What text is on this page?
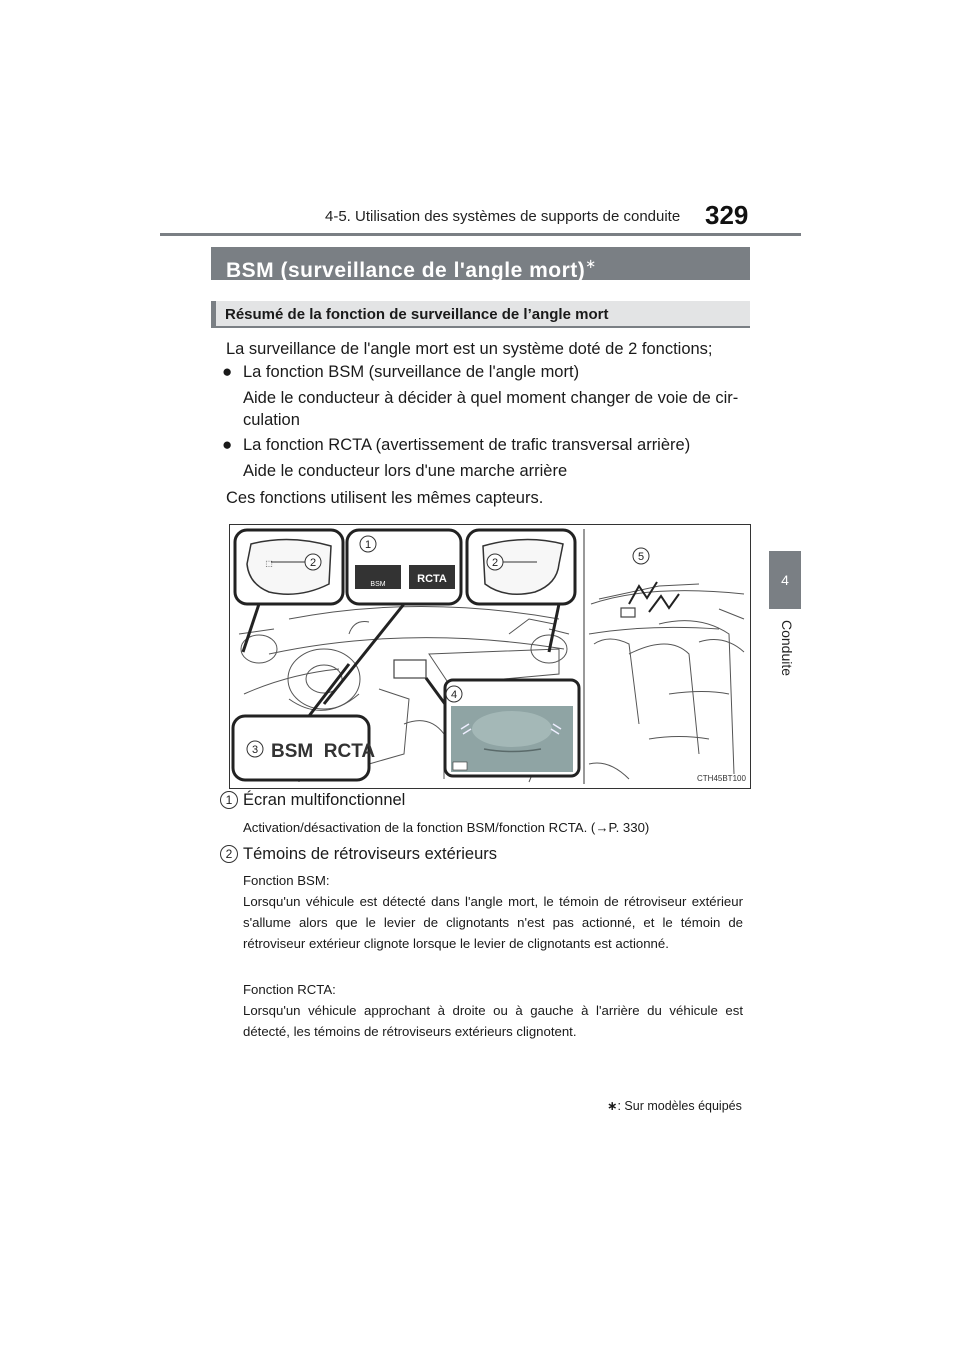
4-5. Utilisation des systèmes de supports de conduite 329
4
Conduite
BSM (surveillance de l'angle mort)∗
Résumé de la fonction de surveillance de l’angle mort
La surveillance de l'angle mort est un système doté de 2 fonctions;
● La fonction BSM (surveillance de l'angle mort)
Aide le conducteur à décider à quel moment changer de voie de cir-
culation
● La fonction RCTA (avertissement de trafic transversal arrière)
Aide le conducteur lors d'une marche arrière
Ces fonctions utilisent les mêmes capteurs.
⬚	2
1
BSM	RCTA
2
3 BSM  RCTA
4
5
CTH45BT100
1 Écran multifonctionnel
Activation/désactivation de la fonction BSM/fonction RCTA. (→P. 330)
2 Témoins de rétroviseurs extérieurs
Fonction BSM:
Lorsqu'un véhicule est détecté dans l'angle mort, le témoin de rétroviseur extérieur s'allume alors que le levier de clignotants n'est pas actionné, et le témoin de rétroviseur extérieur clignote lorsque le levier de clignotants est actionné.
Fonction RCTA:
Lorsqu'un véhicule approchant à droite ou à gauche à l'arrière du véhicule est détecté, les témoins de rétroviseurs extérieurs clignotent.
∗: Sur modèles équipés
